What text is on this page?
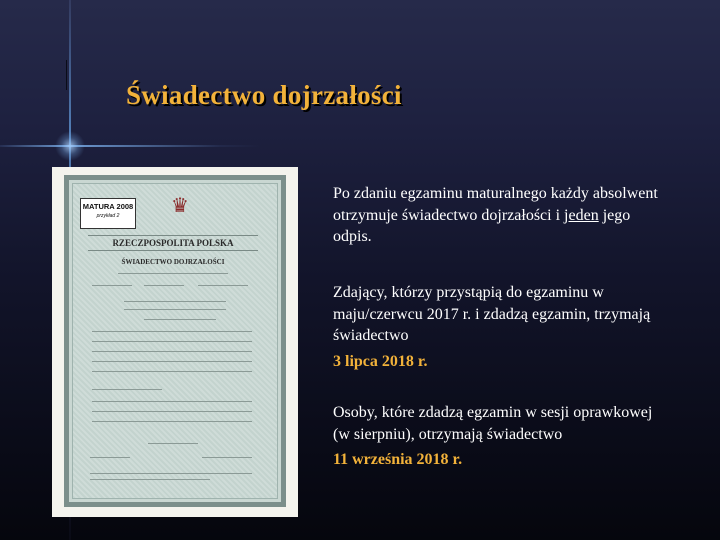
Świadectwo dojrzałości
MATURA 2008
przykład 2	♛
RZECZPOSPOLITA POLSKA
ŚWIADECTWO DOJRZAŁOŚCI

Po zdaniu egzaminu maturalnego każdy absolwent otrzymuje świadectwo dojrzałości i jeden jego odpis.

Zdający, którzy przystąpią do egzaminu w maju/czerwcu 2017 r. i zdadzą egzamin, trzymają świadectwo
3 lipca 2018 r.
Osoby, które zdadzą egzamin w sesji oprawkowej (w sierpniu), otrzymają świadectwo
11 września 2018 r.
